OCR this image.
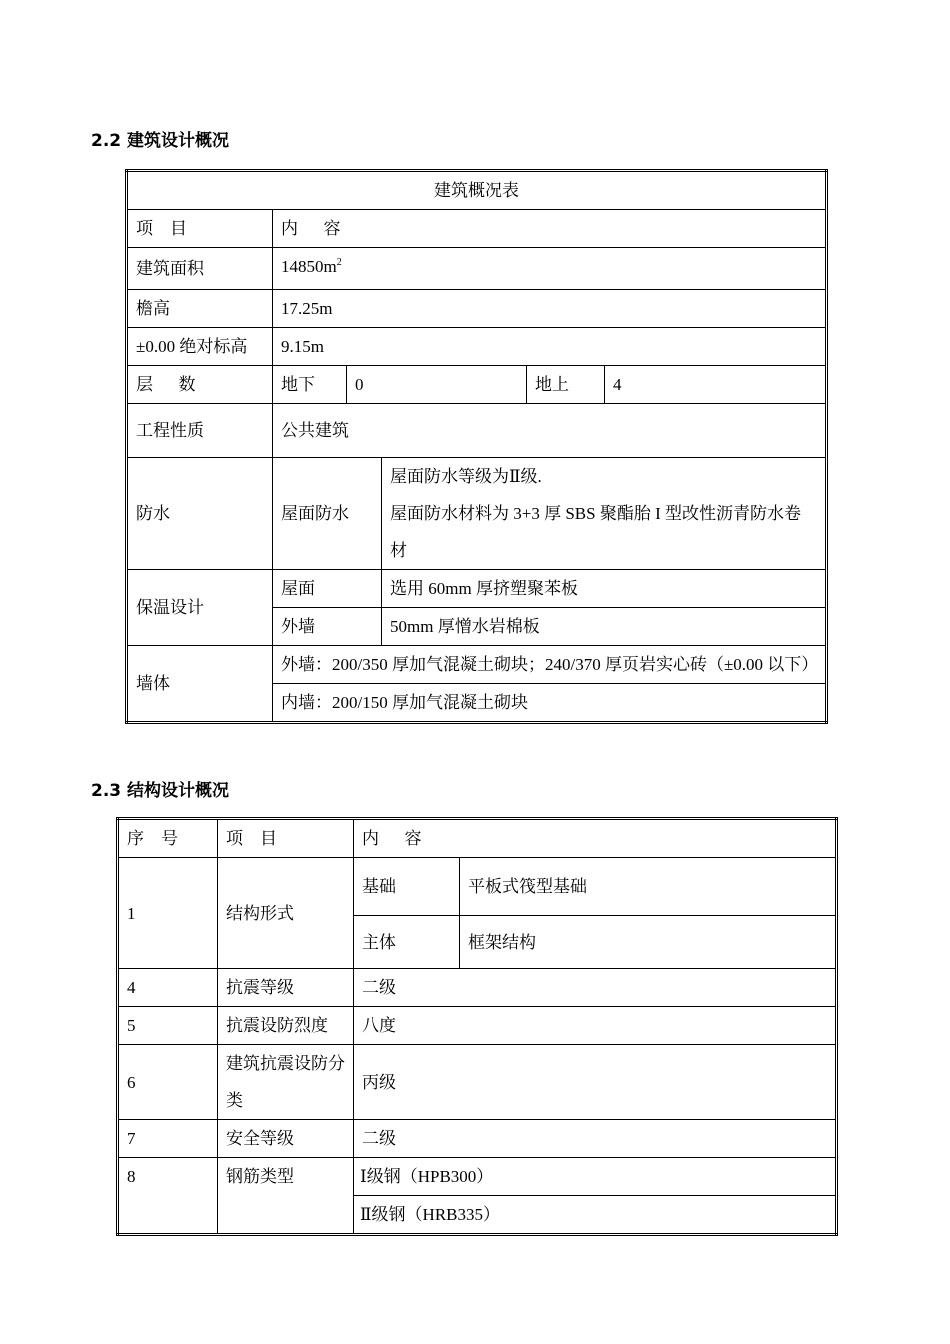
2.2 建筑设计概况
建筑概况表					
项    目	内      容				
建筑面积	$14850m^2$
檐高	17.25m				
±0.00 绝对标高	9.15m				
层      数	地下	0		地上	4
工程性质	公共建筑				
防水	屋面防水		屋面防水等级为Ⅱ级.
屋面防水材料为 3+3 厚 SBS 聚酯胎 I 型改性沥青防水卷材		

保温设计	屋面		选用 60mm 厚挤塑聚苯板		
	外墙		50mm 厚憎水岩棉板		
墙体	外墙：200/350 厚加气混凝土砌块；240/370 厚页岩实心砖（±0.00 以下）				
	内墙：200/150 厚加气混凝土砌块				
2.3 结构设计概况
序    号	项    目	内      容	
1	结构形式	基础	平板式筏型基础
		主体	框架结构
4	抗震等级	二级	
5	抗震设防烈度	八度	
6	建筑抗震设防分类	丙级	
7	安全等级	二级	
8	钢筋类型	Ⅰ级钢（HPB300）	
		Ⅱ级钢（HRB335）	
